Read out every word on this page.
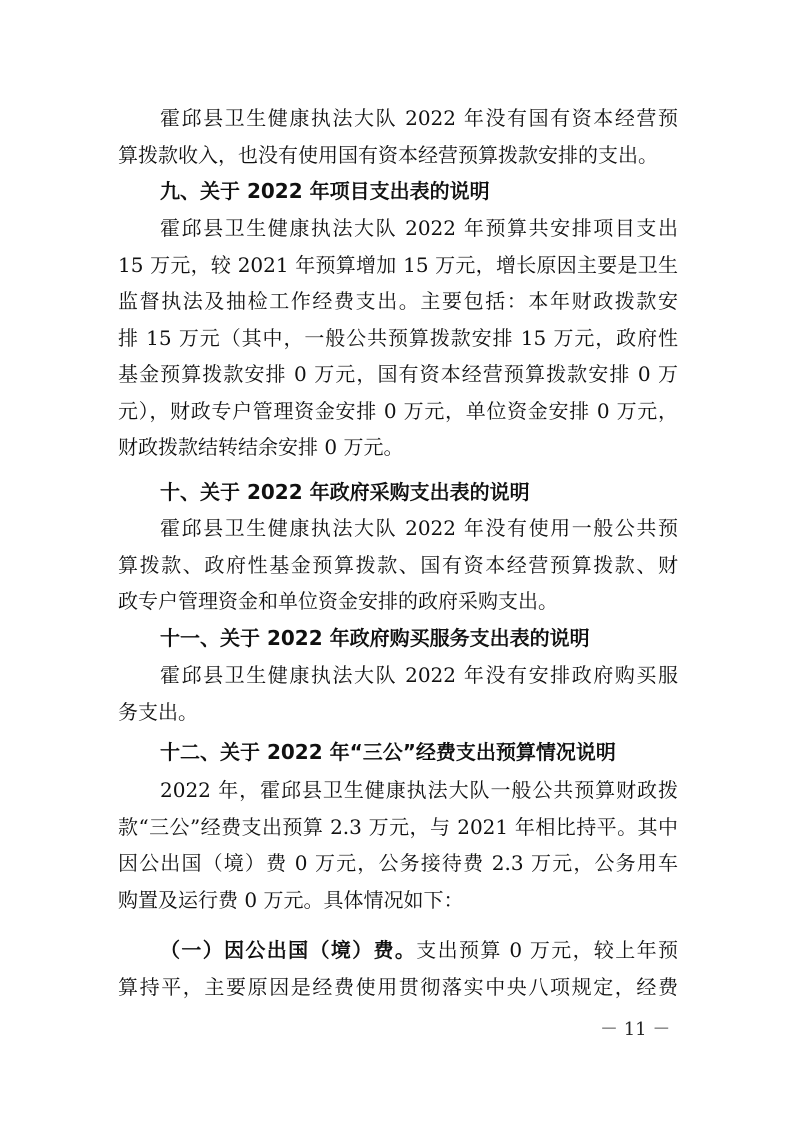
霍邱县卫生健康执法大队 2022 年没有国有资本经营预
算拨款收入，也没有使用国有资本经营预算拨款安排的支出。
九、关于 2022 年项目支出表的说明
霍邱县卫生健康执法大队 2022 年预算共安排项目支出
15 万元，较 2021 年预算增加 15 万元，增长原因主要是卫生
监督执法及抽检工作经费支出。主要包括：本年财政拨款安
排 15 万元（其中，一般公共预算拨款安排 15 万元，政府性
基金预算拨款安排 0 万元，国有资本经营预算拨款安排 0 万
元），财政专户管理资金安排 0 万元，单位资金安排 0 万元，
财政拨款结转结余安排 0 万元。
十、关于 2022 年政府采购支出表的说明
霍邱县卫生健康执法大队 2022 年没有使用一般公共预
算拨款、政府性基金预算拨款、国有资本经营预算拨款、财
政专户管理资金和单位资金安排的政府采购支出。
十一、关于 2022 年政府购买服务支出表的说明
霍邱县卫生健康执法大队 2022 年没有安排政府购买服
务支出。
十二、关于 2022 年“三公”经费支出预算情况说明
2022 年，霍邱县卫生健康执法大队一般公共预算财政拨
款“三公”经费支出预算 2.3 万元，与 2021 年相比持平。其中
因公出国（境）费 0 万元，公务接待费 2.3 万元，公务用车
购置及运行费 0 万元。具体情况如下：
（一）因公出国（境）费。支出预算 0 万元，较上年预
算持平，主要原因是经费使用贯彻落实中央八项规定，经费
－ 11 －
